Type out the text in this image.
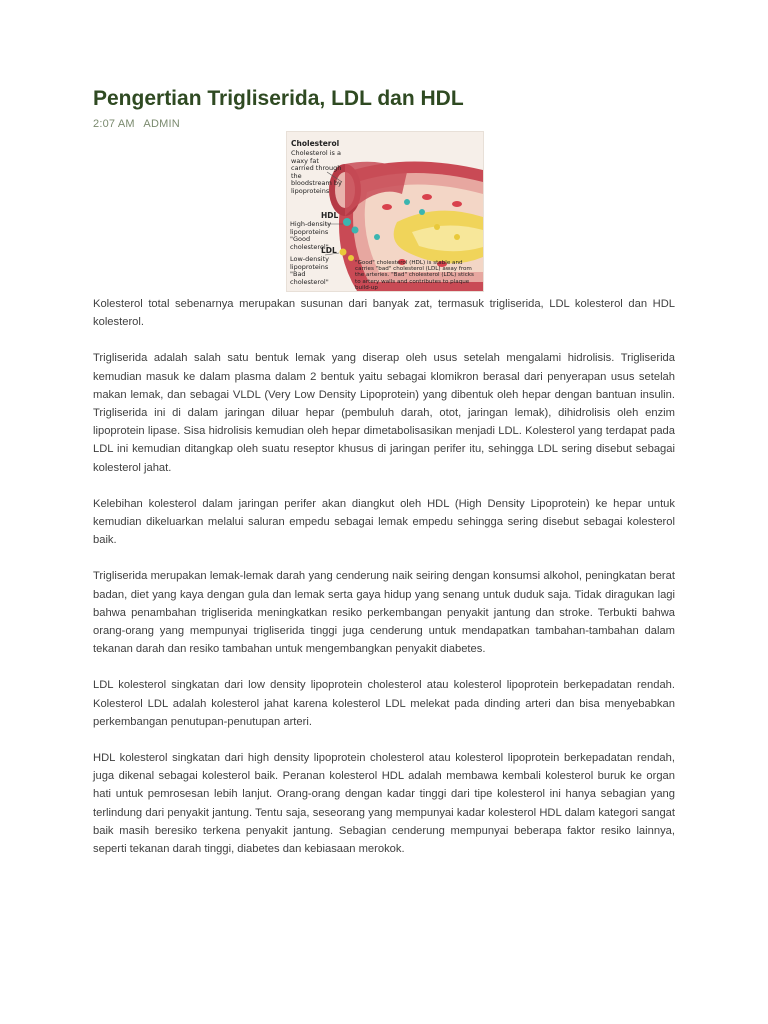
Pengertian Trigliserida, LDL dan HDL
2:07 AM ADMIN
Cholesterol
Cholesterol is a waxy fat carried through the bloodstream by lipoproteins
HDL
High-density lipoproteins "Good cholesterol"
LDL
Low-density lipoproteins "Bad cholesterol"
"Good" cholesterol (HDL) is stable and carries "bad" cholesterol (LDL) away from the arteries. "Bad" cholesterol (LDL) sticks to artery walls and contributes to plaque build-up

Kolesterol total sebenarnya merupakan susunan dari banyak zat, termasuk trigliserida, LDL kolesterol dan HDL kolesterol.

Trigliserida adalah salah satu bentuk lemak yang diserap oleh usus setelah mengalami hidrolisis. Trigliserida kemudian masuk ke dalam plasma dalam 2 bentuk yaitu sebagai klomikron berasal dari penyerapan usus setelah makan lemak, dan sebagai VLDL (Very Low Density Lipoprotein) yang dibentuk oleh hepar dengan bantuan insulin. Trigliserida ini di dalam jaringan diluar hepar (pembuluh darah, otot, jaringan lemak), dihidrolisis oleh enzim lipoprotein lipase. Sisa hidrolisis kemudian oleh hepar dimetabolisasikan menjadi LDL. Kolesterol yang terdapat pada LDL ini kemudian ditangkap oleh suatu reseptor khusus di jaringan perifer itu, sehingga LDL sering disebut sebagai kolesterol jahat.

Kelebihan kolesterol dalam jaringan perifer akan diangkut oleh HDL (High Density Lipoprotein) ke hepar untuk kemudian dikeluarkan melalui saluran empedu sebagai lemak empedu sehingga sering disebut sebagai kolesterol baik.

Trigliserida merupakan lemak-lemak darah yang cenderung naik seiring dengan konsumsi alkohol, peningkatan berat badan, diet yang kaya dengan gula dan lemak serta gaya hidup yang senang untuk duduk saja. Tidak diragukan lagi bahwa penambahan trigliserida meningkatkan resiko perkembangan penyakit jantung dan stroke. Terbukti bahwa orang-orang yang mempunyai trigliserida tinggi juga cenderung untuk mendapatkan tambahan-tambahan dalam tekanan darah dan resiko tambahan untuk mengembangkan penyakit diabetes.

LDL kolesterol singkatan dari low density lipoprotein cholesterol atau kolesterol lipoprotein berkepadatan rendah. Kolesterol LDL adalah kolesterol jahat karena kolesterol LDL melekat pada dinding arteri dan bisa menyebabkan perkembangan penutupan-penutupan arteri.

HDL kolesterol singkatan dari high density lipoprotein cholesterol atau kolesterol lipoprotein berkepadatan rendah, juga dikenal sebagai kolesterol baik. Peranan kolesterol HDL adalah membawa kembali kolesterol buruk ke organ hati untuk pemrosesan lebih lanjut. Orang-orang dengan kadar tinggi dari tipe kolesterol ini hanya sebagian yang terlindung dari penyakit jantung. Tentu saja, seseorang yang mempunyai kadar kolesterol HDL dalam kategori sangat baik masih beresiko terkena penyakit jantung. Sebagian cenderung mempunyai beberapa faktor resiko lainnya, seperti tekanan darah tinggi, diabetes dan kebiasaan merokok.
